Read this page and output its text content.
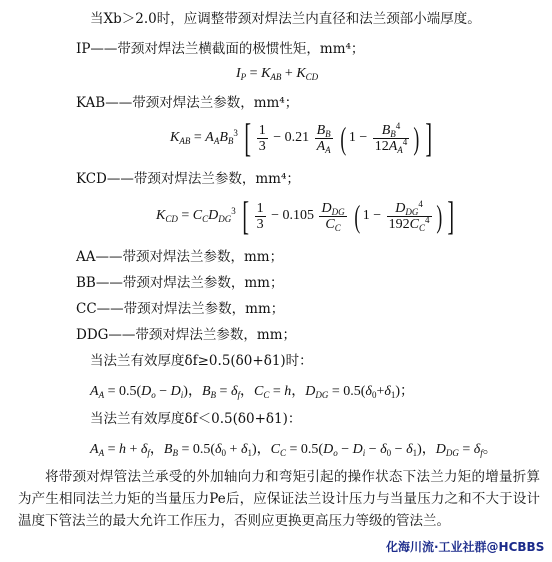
当Xb＞2.0时，应调整带颈对焊法兰内直径和法兰颈部小端厚度。
IP——带颈对焊法兰横截面的极惯性矩，mm⁴；
$I_P = K_{AB} + K_{CD}$
KAB——带颈对焊法兰参数，mm⁴；
$K_{AB} = A_AB_B^3$ [ $\frac{1}{3} - 0.21 \frac{B_B}{A_A}$ ( $1 - \frac{B_B^4}{12A_A^4}$ ) ]
KCD——带颈对焊法兰参数，mm⁴；
$K_{CD} = C_CD_{DG}^3$ [ $\frac{1}{3} - 0.105 \frac{D_{DG}}{C_C}$ ( $1 - \frac{D_{DG}^4}{192C_C^4}$ ) ]
AA——带颈对焊法兰参数，mm；
BB——带颈对焊法兰参数，mm；
CC——带颈对焊法兰参数，mm；
DDG——带颈对焊法兰参数，mm；
当法兰有效厚度δf≥0.5(δ0+δ1)时：
$A_A = 0.5(D_o - D_i)$，$B_B = \delta_f$，$C_C = h$，$D_{DG} = 0.5(\delta_0+\delta_1)$；
当法兰有效厚度δf＜0.5(δ0+δ1)：
$A_A = h + \delta_f$，$B_B = 0.5(\delta_0 + \delta_1)$，$C_C = 0.5(D_o - D_i - \delta_0 - \delta_1)$，$D_{DG} = \delta_f$。
将带颈对焊管法兰承受的外加轴向力和弯矩引起的操作状态下法兰力矩的增量折算为产生相同法兰力矩的当量压力Pe后，应保证法兰设计压力与当量压力之和不大于设计温度下管法兰的最大允许工作压力，否则应更换更高压力等级的管法兰。
化海川流·工业社群@HCBBS
